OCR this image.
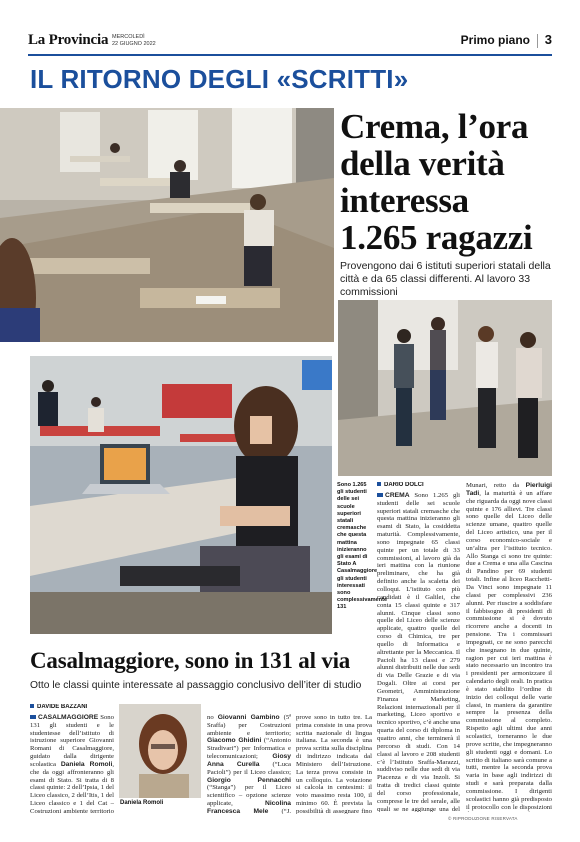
La Provincia MERCOLEDÌ
22 GIUGNO 2022	Primo piano 3
IL RITORNO DEGLI «SCRITTI»
Crema, l’ora della verità interessa 1.265 ragazzi
Provengono dai 6 istituti superiori statali della città e da 65 classi differenti. Al lavoro 33 commissioni
Sono 1.265 gli studenti delle sei scuole superiori statali cremasche che questa mattina inizieranno gli esami di Stato A Casalmaggiore gli studenti interessati sono complessivamente 131
DARIO DOLCI
CREMA Sono 1.265 gli studenti delle sei scuole superiori statali cremasche che questa mattina inizieranno gli esami di Stato, la cosiddetta maturità. Complessivamente, sono impegnate 65 classi quinte per un totale di 33 commissioni, al lavoro già da ieri mattina con la riunione preliminare, che ha già definito anche la scaletta dei colloqui. L’istituto con più candidati è il Galilei, che conta 15 classi quinte e 317 alunni. Cinque classi sono quelle del Liceo delle scienze applicate, quattro quelle del corso di Chimica, tre per quello di Informatica e altrettante per la Meccanica. Il Pacioli ha 13 classi e 279 alunni distribuiti nelle due sedi di via Delle Grazie e di via Dogali. Oltre ai corsi per Geometri, Amministrazione Finanza e Marketing, Relazioni internazionali per il marketing, Liceo sportivo e tecnico sportivo, c’è anche una quarta del corso di diploma in quattro anni, che terminerà il percorso di studi. Con 14 classi al lavoro e 208 studenti c’è l’Istituto Sraffa-Marazzi, suddiviso nelle due sedi di via Piacenza e di via Inzoli. Si tratta di tredici classi quinte del corso professionale, comprese le tre del serale, alle quali se ne aggiunge una del
Munari, retto da Pierluigi Tadi, la maturità è un affare che riguarda da oggi nove classi quinte e 176 allievi. Tre classi sono quelle del Liceo delle scienze umane, quattro quelle del Liceo artistico, una per il corso economico-sociale e un’altra per l’istituto tecnico. Allo Stanga ci sono tre quinte: due a Crema e una alla Cascina di Pandino per 69 studenti totali. Infine al liceo Racchetti-Da Vinci sono impegnate 11 classi per complessivi 236 alunni. Per riuscire a soddisfare il fabbisogno di presidenti di commissione si è dovuto ricorrere anche a docenti in pensione. Tra i commissari impegnati, ce ne sono parecchi che insegnano in due quinte, ragion per cui ieri mattina è stato necessario un incontro tra i presidenti per armonizzare il calendario degli orali. In pratica è stato stabilito l’ordine di inizio dei colloqui delle varie classi, in maniera da garantire sempre la presenza della commissione al completo. Rispetto agli ultimi due anni scolastici, torneranno le due prove scritte, che impegneranno gli studenti oggi e domani. Lo scritto di italiano sarà comune a tutti, mentre la seconda prova varia in base agli indirizzi di studi e sarà preparata dalla commissione. I dirigenti scolastici hanno già predisposto il protocollo con le disposizioni
© RIPRODUZIONE RISERVATA
Casalmaggiore, sono in 131 al via
Otto le classi quinte interessate al passaggio conclusivo dell’iter di studio
DAVIDE BAZZANI
CASALMAGGIORE Sono 131 gli studenti e le studentesse dell’istituto di istruzione superiore Giovanni Romani di Casalmaggiore, guidato dalla dirigente scolastica Daniela Romoli, che da oggi affronteranno gli esami di Stato. Si tratta di 8 classi quinte: 2 dell’Ipsia, 1 del Liceo classico, 2 dell’Itis, 1 del Liceo classico e 1 del Cat – Costruzioni ambiente territorio
Daniela Romoli
no Giovanni Gambino (5ª Sraffa) per Costruzioni ambiente e territorio; Giacomo Ghidini (“Antonio Stradivari”) per Informatica e telecomunicazioni; Giosy Anna Curella (“Luca Pacioli”) per il Liceo classico; Giorgio Pennacchi (“Stanga”) per il Liceo scientifico – opzione scienze applicate,	Nicolina Francesca Mele (“J.
prove sono in tutto tre. La prima consiste in una prova scritta nazionale di lingua italiana. La seconda è una prova scritta sulla disciplina di indirizzo indicata dal Ministero dell’Istruzione. La terza prova consiste in un colloquio. La votazione si calcola in centesimi: il voto massimo resta 100, il minimo 60. È prevista la possibilità di assegnare fino
